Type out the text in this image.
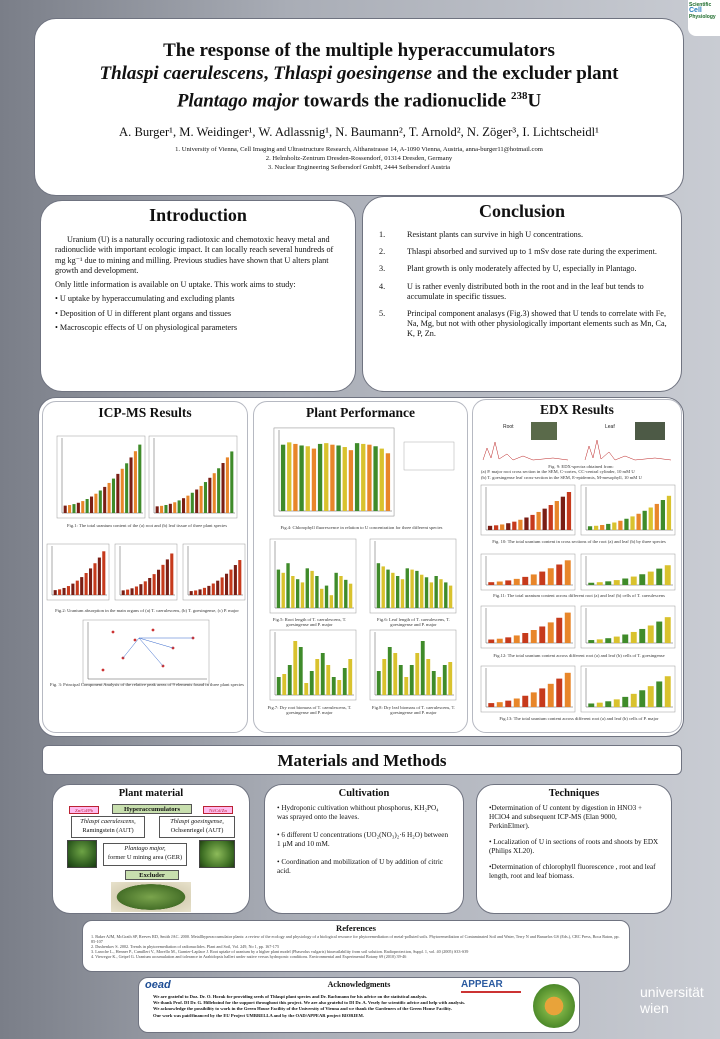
Scientific
Cell
Physiology
The response of the multiple hyperaccumulators
Thlaspi caerulescens, Thlaspi goesingense and the excluder plant
Plantago major towards the radionuclide $^{238}$U
A. Burger¹, M. Weidinger¹, W. Adlassnig¹, N. Baumann², T. Arnold², N. Zöger³, I. Lichtscheidl¹
1. University of Vienna, Cell Imaging and Ultrastructure Research, Althanstrasse 14, A-1090 Vienna, Austria, anna-burger11@hotmail.com
2. Helmholtz-Zentrum Dresden-Rossendorf, 01314 Dresden, Germany
3. Nuclear Engineering Seibersdorf GmbH, 2444 Seibersdorf Austria
Introduction
Uranium (U) is a naturally occuring radiotoxic and chemotoxic heavy metal and radionuclide with important ecologic impact. It can locally reach several hundreds of mg kg⁻¹ due to mining and milling. Previous studies have shown that U alters plant growth and development.
Only little information is available on U uptake. This work aims to study:
• U uptake by hyperaccumulating and excluding plants
• Deposition of U in different plant organs and tissues
• Macroscopic effects of U on physiological parameters
Conclusion
1.	Resistant plants can survive in high U concentrations.
2.	Thlaspi absorbed and survived up to 1 mSv dose rate during the experiment.
3.	Plant growth is only moderately affected by U, especially in Plantago.
4.	U is rather evenly distributed both in the root and in the leaf but tends to accumulate in specific tissues.
5.	Principal component analasys (Fig.3) showed that U tends to correlate with Fe, Na, Mg, but not with other physiologically important elements such as Mn, Ca, K, P, Zn.
ICP-MS Results
Fig.1: The total uranium content of the (a) root and (b) leaf tissue of three plant species
Fig.2: Uranium absorption in the main organs of (a) T. caerulescens, (b) T. goesingense, (c) P. major
Fig. 3: Principal Component Analysis of the relative peak areas of 9 elements found in three plant species
Plant Performance
Fig.4: Chlorophyll fluorescence in relation to U concentration for three different species
Fig.5: Root length of T. caerulescens, T. goesingense and P. major
Fig.6: Leaf length of T. caerulescens, T. goesingense and P. major
Fig.7: Dry root biomass of T. caerulescens, T. goesingense and P. major
Fig.8: Dry leaf biomass of T. caerulescens, T. goesingense and P. major
EDX Results
Root	Leaf
Fig. 9: EDX-spectra obtained from:
(a) P. major root cross section in the SEM, C-cortex, CC-central cylinder, 10 mM U
(b) T. goesingense leaf cross-section in the SEM, E-epidermis, M-mesophyll, 10 mM U
Fig. 10: The total uranium content in cross sections of the root (a) and leaf (b) by three species
Fig.11: The total uranium content across different root (a) and leaf (b) cells of T. caerulescens
Fig.12: The total uranium content across different root (a) and leaf (b) cells of T. goesingense
Fig.13: The total uranium content across different root (a) and leaf (b) cells of P. major
Materials and Methods
Plant material
Hyperaccumulators
Zn/Cd/Pb	Ni/Cd/Zn
Thlaspi caerulescens,
Ramingstein (AUT)
Thlaspi goesingense,
Ochsenriegel (AUT)
Plantago major,
former U mining area (GER)
Excluder
Cultivation
• Hydroponic cultivation whithout phosphorus, KH₂PO₄ was sprayed onto the leaves.
• 6 different U concentrations (UO₂(NO₃)₂·6 H₂O) between 1 µM and 10 mM.
• Coordination and mobilization of U by addition of citric acid.
Techniques
•Determination of U content by digestion in HNO3 + HClO4 and subsequent ICP-MS (Elan 9000, PerkinElmer).
• Localization of U in sections of roots and shoots by EDX (Philips XL20).
•Determination of chlorophyll fluorescence , root and leaf length, root and leaf biomass.
References
1. Baker AJM, McGrath SP, Reeves RD, Smith JAC. 2000. Metallhyperaccumulator plants: a review of the ecology and physiology of a biological resource for phytoremediation of metal-polluted soils. Phytoremediation of Contaminated Soil and Water, Terry N and Banuelos GS (Eds.), CRC Press, Boca Raton, pp. 85-107
2. Dushenkov S. 2002. Trends in phytoremediation of radionuclides. Plant and Soil, Vol. 249, No 1, pp. 167-175
3. Laroche L., Henner P., Camilleri V., Morello M., Garnier-Laplace J. Root uptake of uranium by a higher plant model (Phaseolus vulgaris) bioavailability from soil solution. Radioprotection, Suppl. 1, vol. 40 (2005) S33-S39
4. Viewegor K., Geipel G. Uranium accumulation and tolerance in Arabidopsis halleri under native versus hydroponic conditions. Environmental and Experimental Botany 69 (2010) 39-46
Acknowledgments
oead	APPEAR
We are grateful to Doz. Dr. O. Horak for providing seeds of Thlaspi plant species and Dr. Bachmann for his advice on the statistical analysis.
We thank Prof. DI Dr. G. Hilleboind for the support throughout this project. We are also grateful to DI Dr. A. Vesely for scientific advice and help with analysis.
We acknowledge the possibility to work in the Green House Facility of the University of Vienna and we thank the Gardeners of the Green House Facility.
Our work was paid/financed by the EU Project UMBRELLA and by the OAD/APPEAR project BIORIEM.
universität
wien
